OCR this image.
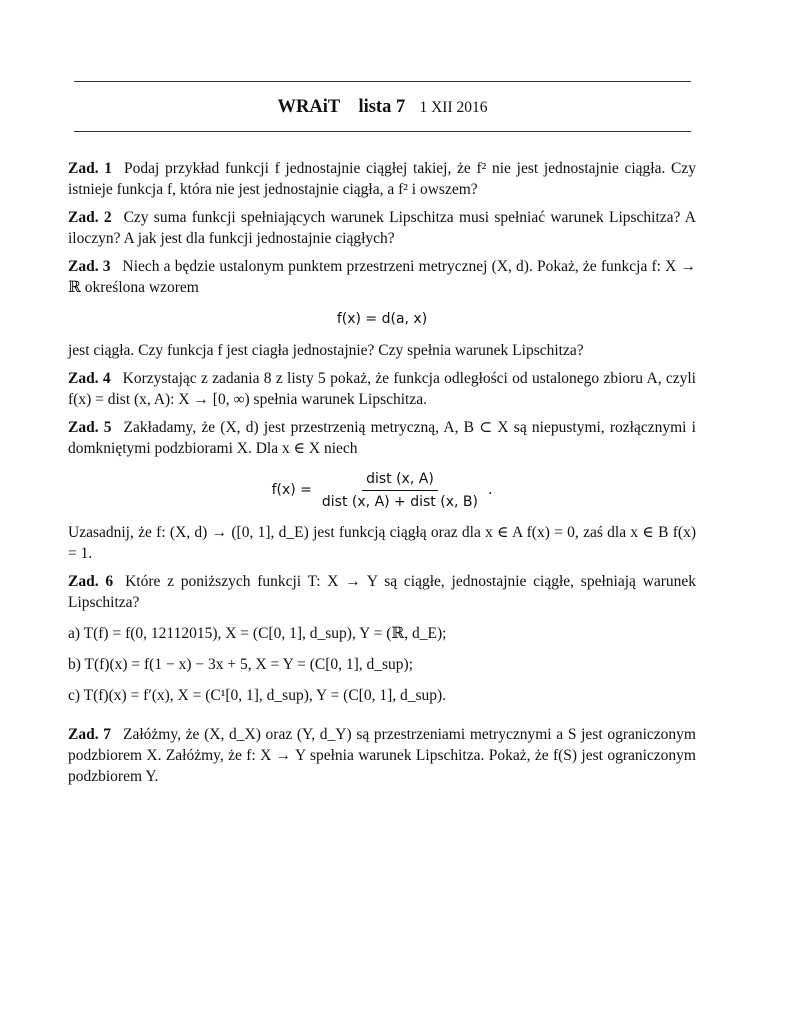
WRAiT lista 7 1 XII 2016

Zad. 1 Podaj przykład funkcji f jednostajnie ciągłej takiej, że f² nie jest jednostajnie ciągła. Czy istnieje funkcja f, która nie jest jednostajnie ciągła, a f² i owszem?

Zad. 2 Czy suma funkcji spełniających warunek Lipschitza musi spełniać warunek Lipschitza? A iloczyn? A jak jest dla funkcji jednostajnie ciągłych?

Zad. 3 Niech a będzie ustalonym punktem przestrzeni metrycznej (X, d). Pokaż, że funkcja f: X → ℝ określona wzorem
f(x) = d(a, x)
jest ciągła. Czy funkcja f jest ciagła jednostajnie? Czy spełnia warunek Lipschitza?

Zad. 4 Korzystając z zadania 8 z listy 5 pokaż, że funkcja odległości od ustalonego zbioru A, czyli f(x) = dist (x, A): X → [0, ∞) spełnia warunek Lipschitza.

Zad. 5 Zakładamy, że (X, d) jest przestrzenią metryczną, A, B ⊂ X są niepustymi, rozłącznymi i domkniętymi podzbiorami X. Dla x ∈ X niech
$f(x) = \frac{\text{dist (x, A)}}{\text{dist (x, A) + dist (x, B)}}$ .
Uzasadnij, że f: (X, d) → ([0, 1], d_E) jest funkcją ciągłą oraz dla x ∈ A f(x) = 0, zaś dla x ∈ B f(x) = 1.
Zad. 6 Które z poniższych funkcji T: X → Y są ciągłe, jednostajnie ciągłe, spełniają warunek Lipschitza?
a) T(f) = f(0, 12112015), X = (C[0, 1], d_sup), Y = (ℝ, d_E);
b) T(f)(x) = f(1 − x) − 3x + 5, X = Y = (C[0, 1], d_sup);
c) T(f)(x) = f′(x), X = (C¹[0, 1], d_sup), Y = (C[0, 1], d_sup).

Zad. 7 Załóżmy, że (X, d_X) oraz (Y, d_Y) są przestrzeniami metrycznymi a S jest ograniczonym podzbiorem X. Załóżmy, że f: X → Y spełnia warunek Lipschitza. Pokaż, że f(S) jest ograniczonym podzbiorem Y.
